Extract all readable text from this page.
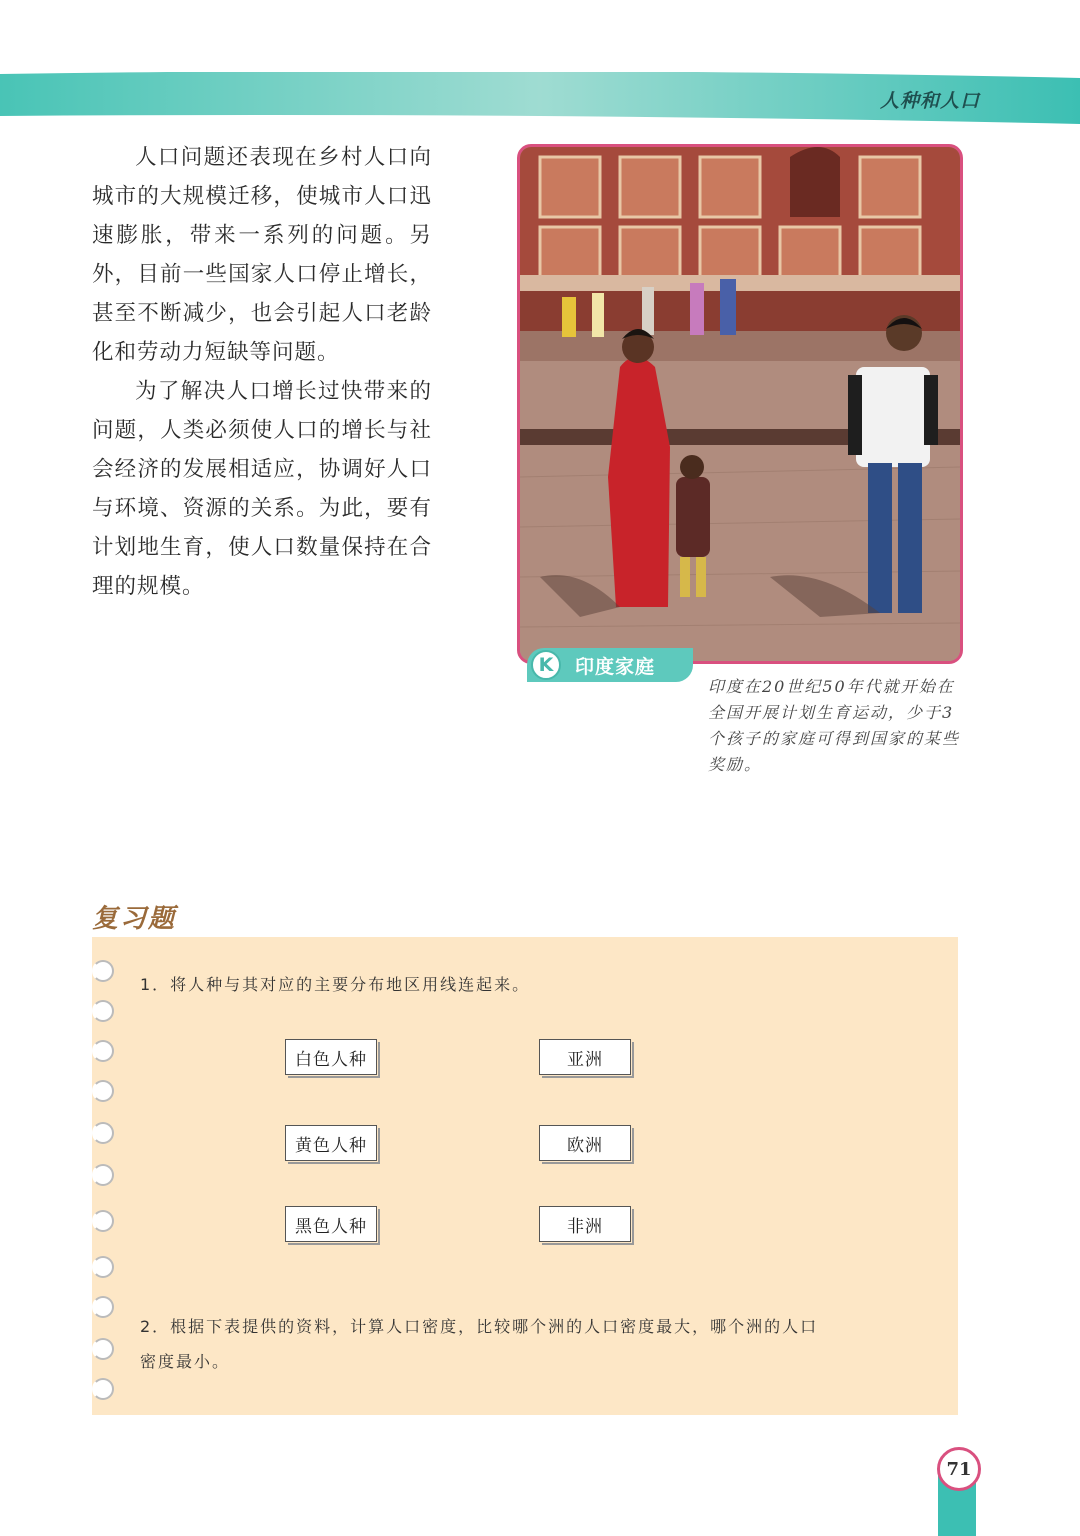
人种和人口

人口问题还表现在乡村人口向城市的大规模迁移，使城市人口迅速膨胀，带来一系列的问题。另外，目前一些国家人口停止增长，甚至不断减少，也会引起人口老龄化和劳动力短缺等问题。

为了解决人口增长过快带来的问题，人类必须使人口的增长与社会经济的发展相适应，协调好人口与环境、资源的关系。为此，要有计划地生育，使人口数量保持在合理的规模。

K	印度家庭
印度在20世纪50年代就开始在全国开展计划生育运动，少于3个孩子的家庭可得到国家的某些奖励。
复习题
1．将人种与其对应的主要分布地区用线连起来。
白色人种
黄色人种
黑色人种
亚洲
欧洲
非洲
2．根据下表提供的资料，计算人口密度，比较哪个洲的人口密度最大，哪个洲的人口
密度最小。
71
